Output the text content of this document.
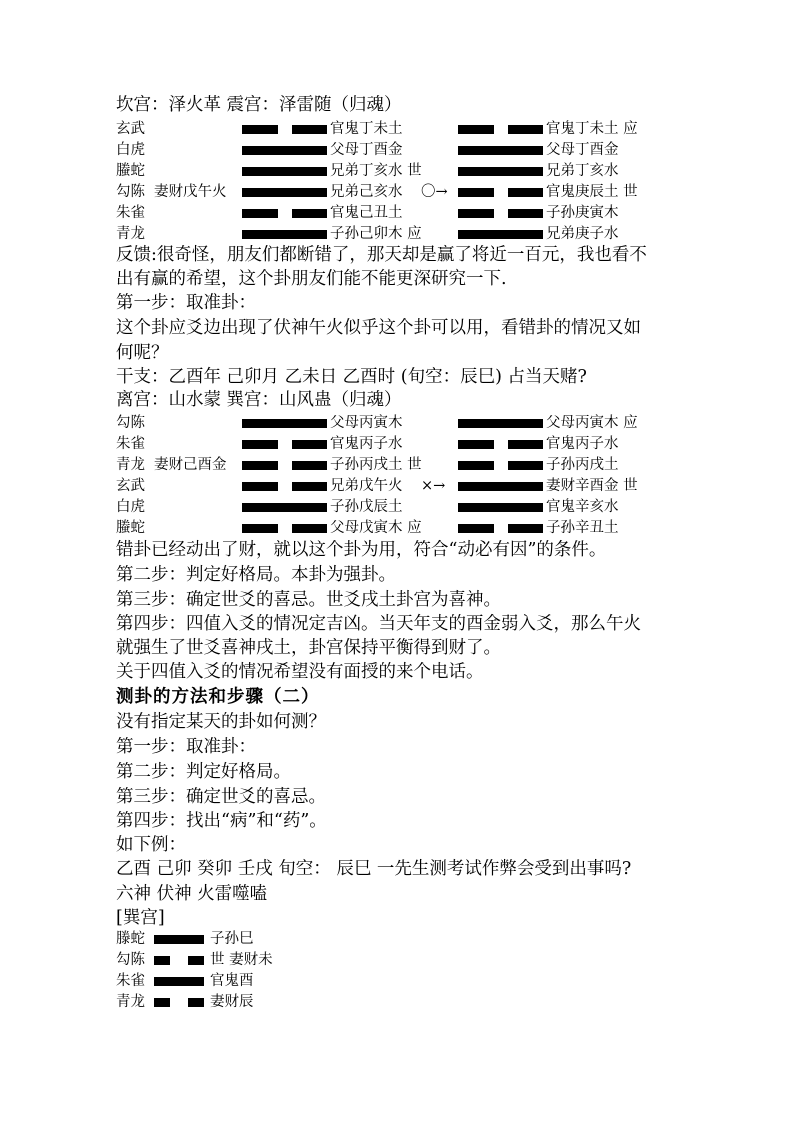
坎宫：泽火革 震宫：泽雷随（归魂）
玄武	官鬼丁未土	官鬼丁未土 应
白虎	父母丁酉金	父母丁酉金
螣蛇	兄弟丁亥水 世	兄弟丁亥水
勾陈 妻财戊午火	兄弟己亥水 〇→	官鬼庚辰土 世
朱雀	官鬼己丑土	子孙庚寅木
青龙	子孙己卯木 应	兄弟庚子水
反馈:很奇怪，朋友们都断错了，那天却是赢了将近一百元，我也看不
出有赢的希望，这个卦朋友们能不能更深研究一下.
第一步：取准卦：
这个卦应爻边出现了伏神午火似乎这个卦可以用，看错卦的情况又如
何呢？
干支：乙酉年 己卯月 乙未日 乙酉时 (旬空：辰巳) 占当天赌?
离宫：山水蒙 巽宫：山风蛊（归魂）
勾陈	父母丙寅木	父母丙寅木 应
朱雀	官鬼丙子水	官鬼丙子水
青龙 妻财己酉金	子孙丙戌土 世	子孙丙戌土
玄武	兄弟戊午火 ×→	妻财辛酉金 世
白虎	子孙戊辰土	官鬼辛亥水
螣蛇	父母戊寅木 应	子孙辛丑土
错卦已经动出了财，就以这个卦为用，符合“动必有因”的条件。
第二步：判定好格局。本卦为强卦。
第三步：确定世爻的喜忌。世爻戌土卦宫为喜神。
第四步：四值入爻的情况定吉凶。当天年支的酉金弱入爻，那么午火
就强生了世爻喜神戌土，卦宫保持平衡得到财了。
关于四值入爻的情况希望没有面授的来个电话。
测卦的方法和步骤（二）
没有指定某天的卦如何测？
第一步：取准卦：
第二步：判定好格局。
第三步：确定世爻的喜忌。
第四步：找出“病”和“药”。
如下例：
乙酉 己卯 癸卯 壬戌 旬空： 辰巳 一先生测考试作弊会受到出事吗?
六神 伏神 火雷噬嗑
[巽宫]
滕蛇	子孙巳
勾陈	世 妻财未
朱雀	官鬼酉
青龙	妻财辰
